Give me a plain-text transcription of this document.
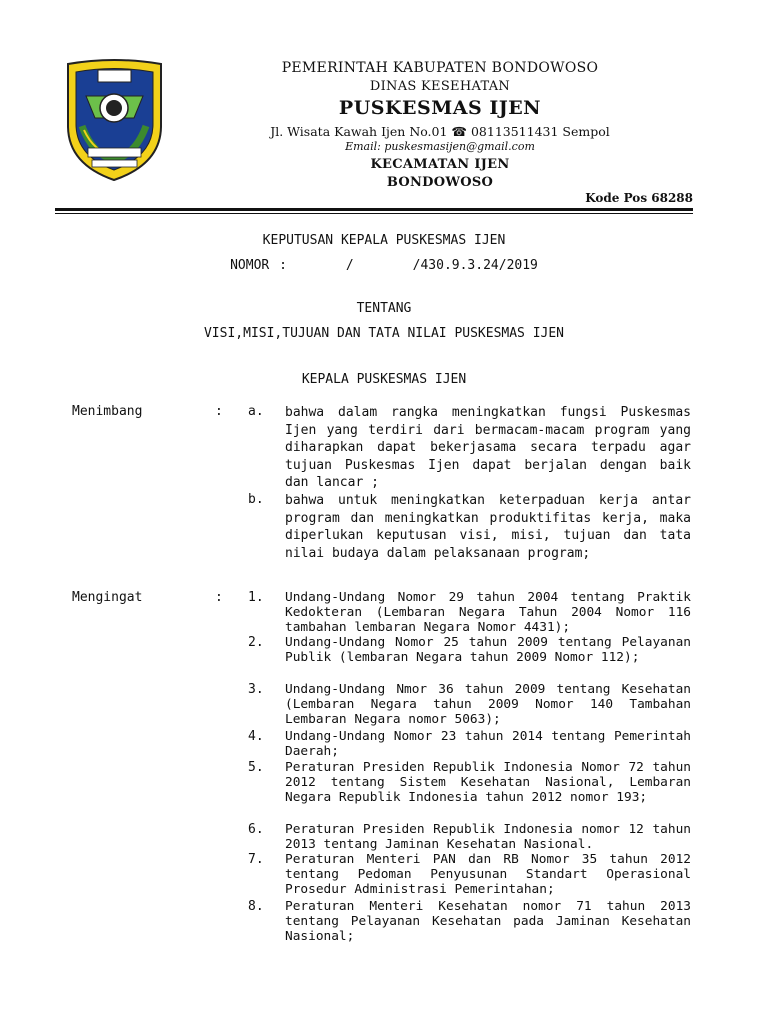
PEMERINTAH KABUPATEN BONDOWOSO
DINAS KESEHATAN
PUSKESMAS IJEN
Jl. Wisata Kawah Ijen No.01 ☎ 08113511431 Sempol
Email: puskesmasijen@gmail.com
KECAMATAN IJEN
BONDOWOSO
Kode Pos 68288
KEPUTUSAN KEPALA PUSKESMAS IJEN
NOMOR :      /      /430.9.3.24/2019
TENTANG
VISI,MISI,TUJUAN DAN TATA NILAI PUSKESMAS IJEN
KEPALA PUSKESMAS IJEN
Menimbang	: a.	bahwa dalam rangka meningkatkan fungsi Puskesmas Ijen yang terdiri dari bermacam-macam program yang diharapkan dapat bekerjasama secara terpadu agar tujuan Puskesmas Ijen dapat berjalan dengan baik dan lancar ;
b.	bahwa untuk meningkatkan keterpaduan kerja antar program dan meningkatkan produktifitas kerja, maka diperlukan keputusan visi, misi, tujuan dan tata nilai budaya dalam pelaksanaan program;
Mengingat	: 1.	Undang-Undang Nomor 29 tahun 2004 tentang Praktik Kedokteran (Lembaran Negara Tahun 2004 Nomor 116 tambahan lembaran Negara Nomor 4431);
2.	Undang-Undang Nomor 25 tahun 2009 tentang Pelayanan Publik (lembaran Negara tahun 2009 Nomor 112);
3.	Undang-Undang Nmor 36 tahun 2009 tentang Kesehatan (Lembaran Negara tahun 2009 Nomor 140 Tambahan Lembaran Negara nomor 5063);
4.	Undang-Undang Nomor 23 tahun 2014 tentang Pemerintah Daerah;
5.	Peraturan Presiden Republik Indonesia Nomor 72 tahun 2012 tentang Sistem Kesehatan Nasional, Lembaran Negara Republik Indonesia tahun 2012 nomor 193;
6.	Peraturan Presiden Republik Indonesia nomor 12 tahun 2013 tentang Jaminan Kesehatan Nasional.
7.	Peraturan Menteri PAN dan RB Nomor 35 tahun 2012 tentang Pedoman Penyusunan Standart Operasional Prosedur Administrasi Pemerintahan;
8.	Peraturan Menteri Kesehatan nomor 71 tahun 2013 tentang Pelayanan Kesehatan pada Jaminan Kesehatan Nasional;
